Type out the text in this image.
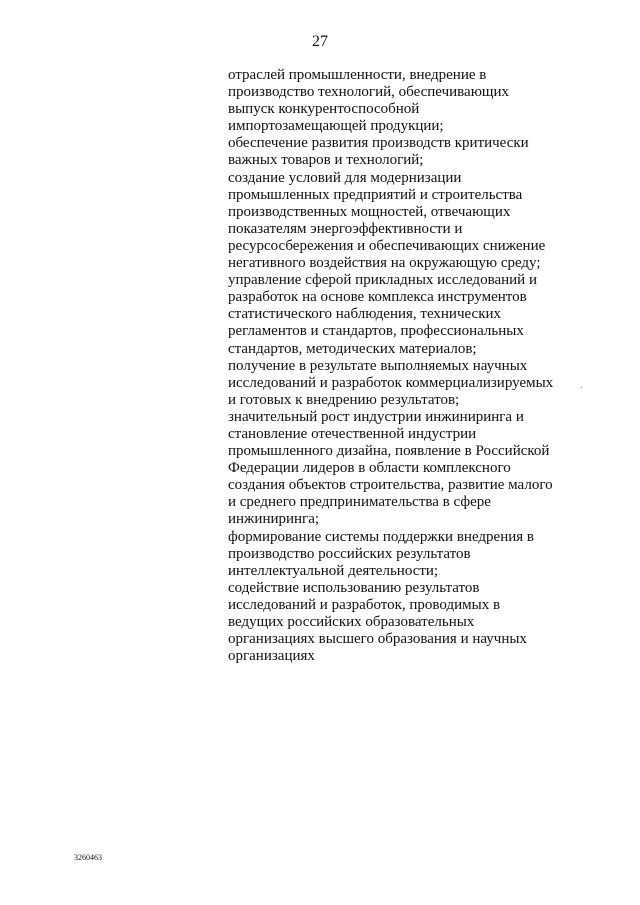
27
отраслей промышленности, внедрение в
производство технологий, обеспечивающих
выпуск конкурентоспособной
импортозамещающей продукции;
обеспечение развития производств критически
важных товаров и технологий;
создание условий для модернизации
промышленных предприятий и строительства
производственных мощностей, отвечающих
показателям энергоэффективности и
ресурсосбережения и обеспечивающих снижение
негативного воздействия на окружающую среду;
управление сферой прикладных исследований и
разработок на основе комплекса инструментов
статистического наблюдения, технических
регламентов и стандартов, профессиональных
стандартов, методических материалов;
получение в результате выполняемых научных
исследований и разработок коммерциализируемых
и готовых к внедрению результатов;
значительный рост индустрии инжиниринга и
становление отечественной индустрии
промышленного дизайна, появление в Российской
Федерации лидеров в области комплексного
создания объектов строительства, развитие малого
и среднего предпринимательства в сфере
инжиниринга;
формирование системы поддержки внедрения в
производство российских результатов
интеллектуальной деятельности;
содействие использованию результатов
исследований и разработок, проводимых в
ведущих российских образовательных
организациях высшего образования и научных
организациях
3260463
